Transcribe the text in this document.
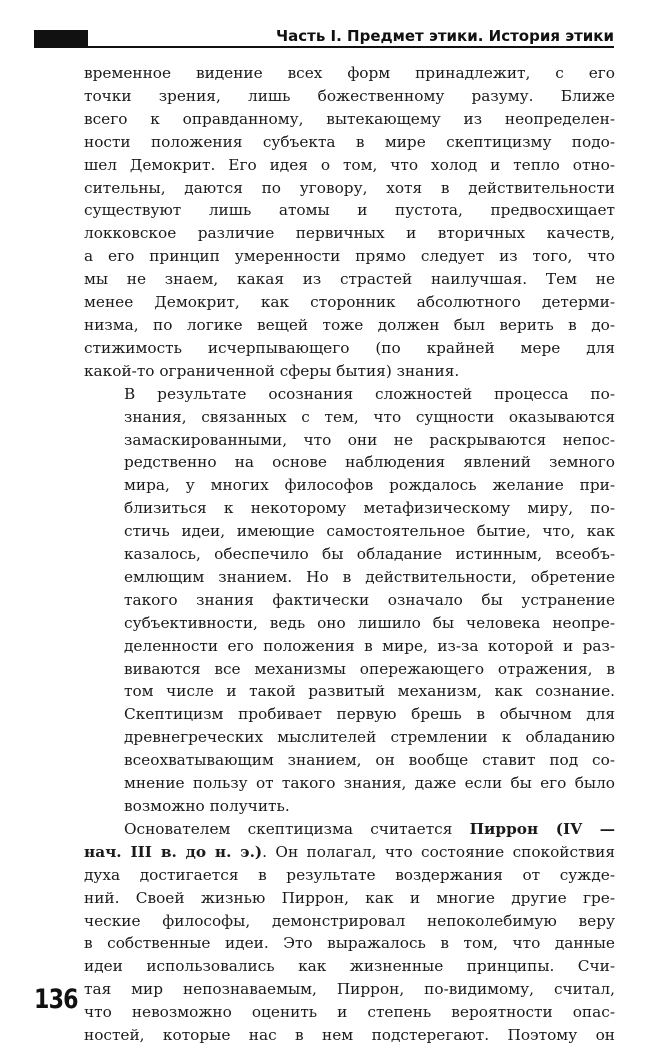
Часть I. Предмет этики. История этики

временное видение всех форм принадлежит, с его
точки зрения, лишь божественному разуму. Ближе
всего к оправданному, вытекающему из неопределен-
ности положения субъекта в мире скептицизму подо-
шел Демокрит. Его идея о том, что холод и тепло отно-
сительны, даются по уговору, хотя в действительности
существуют лишь атомы и пустота, предвосхищает
локковское различие первичных и вторичных качеств,
а его принцип умеренности прямо следует из того, что
мы не знаем, какая из страстей наилучшая. Тем не
менее Демокрит, как сторонник абсолютного детерми-
низма, по логике вещей тоже должен был верить в до-
стижимость исчерпывающего (по крайней мере для
какой-то ограниченной сферы бытия) знания.

В результате осознания сложностей процесса по-
знания, связанных с тем, что сущности оказываются
замаскированными, что они не раскрываются непос-
редственно на основе наблюдения явлений земного
мира, у многих философов рождалось желание при-
близиться к некоторому метафизическому миру, по-
стичь идеи, имеющие самостоятельное бытие, что, как
казалось, обеспечило бы обладание истинным, всеобъ-
емлющим знанием. Но в действительности, обретение
такого знания фактически означало бы устранение
субъективности, ведь оно лишило бы человека неопре-
деленности его положения в мире, из-за которой и раз-
виваются все механизмы опережающего отражения, в
том числе и такой развитый механизм, как сознание.
Скептицизм пробивает первую брешь в обычном для
древнегреческих мыслителей стремлении к обладанию
всеохватывающим знанием, он вообще ставит под со-
мнение пользу от такого знания, даже если бы его было
возможно получить.

Основателем скептицизма считается Пиррон (IV —
нач. III в. до н. э.). Он полагал, что состояние спокойствия
духа достигается в результате воздержания от сужде-
ний. Своей жизнью Пиррон, как и многие другие гре-
ческие философы, демонстрировал непоколебимую веру
в собственные идеи. Это выражалось в том, что данные
идеи использовались как жизненные принципы. Счи-
тая мир непознаваемым, Пиррон, по-видимому, считал,
что невозможно оценить и степень вероятности опас-
ностей, которые нас в нем подстерегают. Поэтому он

136
